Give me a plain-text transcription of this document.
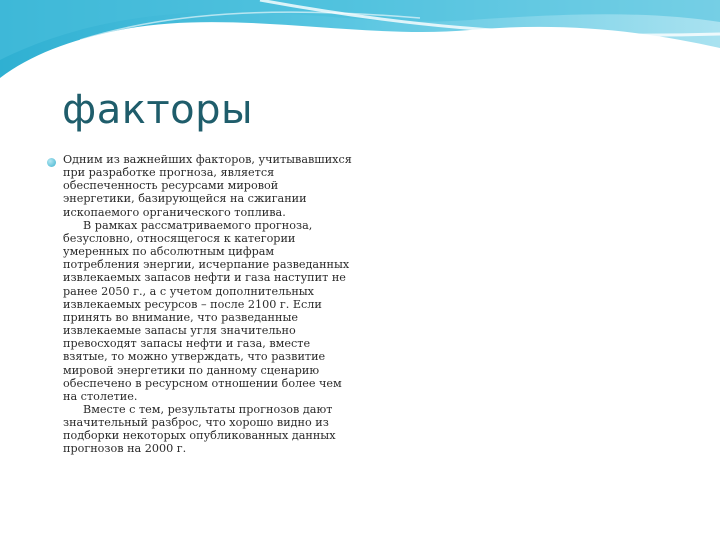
факторы

Одним из важнейших факторов, учитывавшихся при разработке прогноза, является обеспеченность ресурсами мировой энергетики, базирующейся на сжигании ископаемого органического топлива.

В рамках рассматриваемого прогноза, безусловно, относящегося к категории умеренных по абсолютным цифрам потребления энергии, исчерпание разведанных извлекаемых запасов нефти и газа наступит не ранее 2050 г., а с учетом дополнительных извлекаемых ресурсов – после 2100 г. Если принять во внимание, что разведанные извлекаемые запасы угля значительно превосходят запасы нефти и газа, вместе взятые, то можно утверждать, что развитие мировой энергетики по данному сценарию обеспечено в ресурсном отношении более чем на столетие.

Вместе с тем, результаты прогнозов дают значительный разброс, что хорошо видно из подборки некоторых опубликованных данных прогнозов на 2000 г.
